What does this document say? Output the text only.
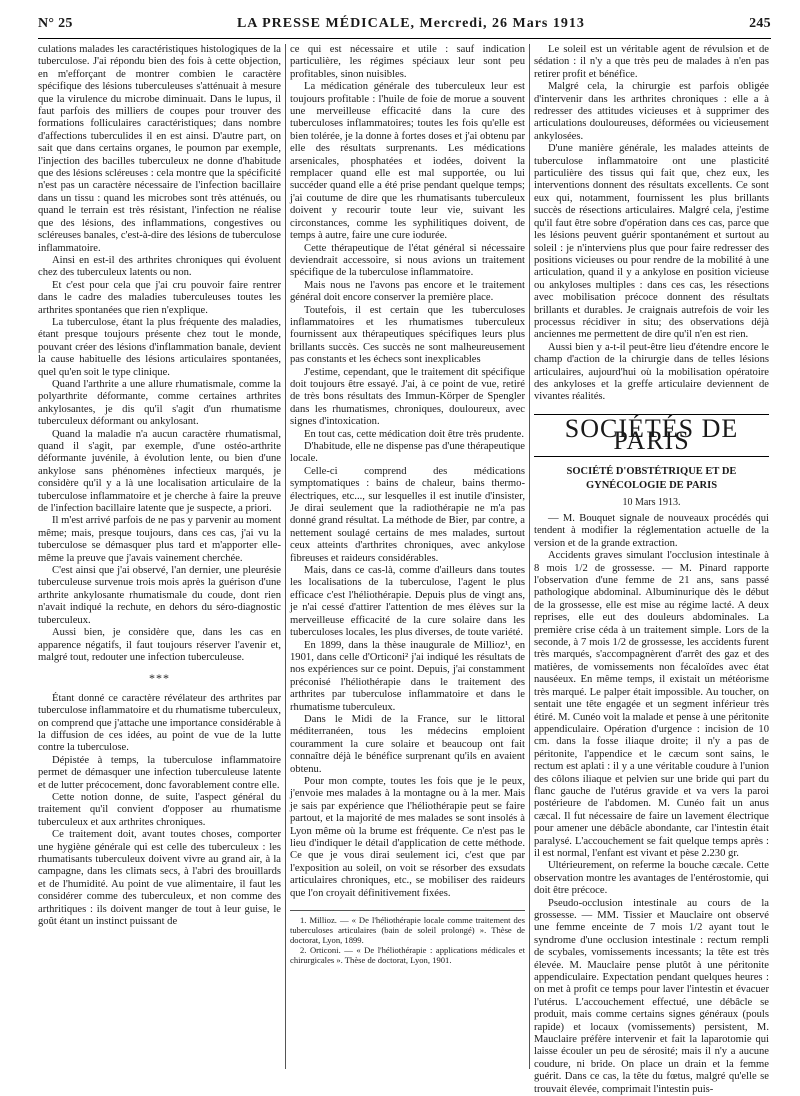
N° 25	LA PRESSE MÉDICALE, Mercredi, 26 Mars 1913	245

culations malades les caractéristiques histologiques de la tuberculose. J'ai répondu bien des fois à cette objection, en m'efforçant de montrer combien le caractère spécifique des lésions tuberculeuses s'atténuait à mesure que la virulence du microbe diminuait. Dans le lupus, il faut parfois des milliers de coupes pour trouver des formations folliculaires caractéristiques; dans nombre d'affections tuberculides il en est ainsi. D'autre part, on sait que dans certains organes, le poumon par exemple, l'injection des bacilles tuberculeux ne donne d'habitude que des lésions scléreuses : cela montre que la spécificité n'est pas un caractère nécessaire de l'infection bacillaire dans un tissu : quand les microbes sont très atténués, ou quand le terrain est très résistant, l'infection ne réalise que des lésions, des inflammations, congestives ou scléreuses banales, c'est-à-dire des lésions de tuberculose inflammatoire.

Ainsi en est-il des arthrites chroniques qui évoluent chez des tuberculeux latents ou non.

Et c'est pour cela que j'ai cru pouvoir faire rentrer dans le cadre des maladies tuberculeuses toutes les arthrites spontanées que rien n'explique.

La tuberculose, étant la plus fréquente des maladies, étant presque toujours présente chez tout le monde, pouvant créer des lésions d'inflammation banale, devient la cause habituelle des lésions articulaires spontanées, quel qu'en soit le type clinique.

Quand l'arthrite a une allure rhumatismale, comme la polyarthrite déformante, comme certaines arthrites ankylosantes, je dis qu'il s'agit d'un rhumatisme tuberculeux déformant ou ankylosant.

Quand la maladie n'a aucun caractère rhumatismal, quand il s'agit, par exemple, d'une ostéo-arthrite déformante juvénile, à évolution lente, ou bien d'une ankylose sans phénomènes infectieux marqués, je considère qu'il y a là une localisation articulaire de la tuberculose inflammatoire et je cherche à faire la preuve de l'infection bacillaire latente que je suspecte, a priori.

Il m'est arrivé parfois de ne pas y parvenir au moment même; mais, presque toujours, dans ces cas, j'ai vu la tuberculose se démasquer plus tard et m'apporter elle-même la preuve que j'avais vainement cherchée.

C'est ainsi que j'ai observé, l'an dernier, une pleurésie tuberculeuse survenue trois mois après la guérison d'une arthrite ankylosante rhumatismale du coude, dont rien n'avait indiqué la rechute, en dehors du séro-diagnostic tuberculeux.

Aussi bien, je considère que, dans les cas en apparence négatifs, il faut toujours réserver l'avenir et, malgré tout, redouter une infection tuberculeuse.

***

Étant donné ce caractère révélateur des arthrites par tuberculose inflammatoire et du rhumatisme tuberculeux, on comprend que j'attache une importance considérable à la diffusion de ces idées, au point de vue de la lutte contre la tuberculose.

Dépistée à temps, la tuberculose inflammatoire permet de démasquer une infection tuberculeuse latente et de lutter précocement, donc favorablement contre elle.

Cette notion donne, de suite, l'aspect général du traitement qu'il convient d'opposer au rhumatisme tuberculeux et aux arthrites chroniques.

Ce traitement doit, avant toutes choses, comporter une hygiène générale qui est celle des tuberculeux : les rhumatisants tuberculeux doivent vivre au grand air, à la campagne, dans les climats secs, à l'abri des brouillards et de l'humidité. Au point de vue alimentaire, il faut les considérer comme des tuberculeux, et non comme des arthritiques : ils doivent manger de tout à leur guise, le goût étant un instinct puissant de

ce qui est nécessaire et utile : sauf indication particulière, les régimes spéciaux leur sont peu profitables, sinon nuisibles.

La médication générale des tuberculeux leur est toujours profitable : l'huile de foie de morue a souvent une merveilleuse efficacité dans la cure des tuberculoses inflammatoires; toutes les fois qu'elle est bien tolérée, je la donne à fortes doses et j'ai obtenu par elle des résultats surprenants. Les médications arsenicales, phosphatées et iodées, doivent la remplacer quand elle est mal supportée, ou lui succéder quand elle a été prise pendant quelque temps; j'ai coutume de dire que les rhumatisants tuberculeux doivent y recourir toute leur vie, suivant les circonstances, comme les syphilitiques doivent, de temps à autre, faire une cure iodurée.

Cette thérapeutique de l'état général si nécessaire deviendrait accessoire, si nous avions un traitement spécifique de la tuberculose inflammatoire.

Mais nous ne l'avons pas encore et le traitement général doit encore conserver la première place.

Toutefois, il est certain que les tuberculoses inflammatoires et les rhumatismes tuberculeux fournissent aux thérapeutiques spécifiques leurs plus brillants succès. Ces succès ne sont malheureusement pas constants et les échecs sont inexplicables

J'estime, cependant, que le traitement dit spécifique doit toujours être essayé. J'ai, à ce point de vue, retiré de très bons résultats des Immun-Körper de Spengler dans les rhumatismes, chroniques, douloureux, avec signes d'intoxication.

En tout cas, cette médication doit être très prudente.

D'habitude, elle ne dispense pas d'une thérapeutique locale.

Celle-ci comprend des médications symptomatiques : bains de chaleur, bains thermo-électriques, etc..., sur lesquelles il est inutile d'insister, Je dirai seulement que la radiothérapie ne m'a pas donné grand résultat. La méthode de Bier, par contre, a nettement soulagé certains de mes malades, surtout ceux atteints d'arthrites chroniques, avec ankylose fibreuses et raideurs considérables.

Mais, dans ce cas-là, comme d'ailleurs dans toutes les localisations de la tuberculose, l'agent le plus efficace c'est l'héliothérapie. Depuis plus de vingt ans, je n'ai cessé d'attirer l'attention de mes élèves sur la merveilleuse efficacité de la cure solaire dans les tuberculoses locales, les plus diverses, de toute variété.

En 1899, dans la thèse inaugurale de Millioz¹, en 1901, dans celle d'Orticoni² j'ai indiqué les résultats de nos expériences sur ce point. Depuis, j'ai constamment préconisé l'héliothérapie dans le traitement des arthrites par tuberculose inflammatoire et dans le rhumatisme tuberculeux.

Dans le Midi de la France, sur le littoral méditerranéen, tous les médecins emploient couramment la cure solaire et beaucoup ont fait connaître déjà le bénéfice surprenant qu'ils en avaient obtenu.

Pour mon compte, toutes les fois que je le peux, j'envoie mes malades à la montagne ou à la mer. Mais je sais par expérience que l'héliothérapie peut se faire partout, et la majorité de mes malades se sont insolés à Lyon même où la brume est fréquente. Ce n'est pas le lieu d'indiquer le détail d'application de cette méthode. Ce que je vous dirai seulement ici, c'est que par l'exposition au soleil, on voit se résorber des exsudats articulaires chroniques, etc., se mobiliser des raideurs que l'on croyait définitivement fixées.

1. Millioz. — « De l'héliothérapie locale comme traitement des tuberculoses articulaires (bain de soleil prolongé) ». Thèse de doctorat, Lyon, 1899.

2. Orticoni. — « De l'héliothérapie : applications médicales et chirurgicales ». Thèse de doctorat, Lyon, 1901.

Le soleil est un véritable agent de révulsion et de sédation : il n'y a que très peu de malades à n'en pas retirer profit et bénéfice.

Malgré cela, la chirurgie est parfois obligée d'intervenir dans les arthrites chroniques : elle a à redresser des attitudes vicieuses et à supprimer des articulations douloureuses, déformées ou vicieusement ankylosées.

D'une manière générale, les malades atteints de tuberculose inflammatoire ont une plasticité particulière des tissus qui fait que, chez eux, les interventions donnent des résultats excellents. Ce sont eux qui, notamment, fournissent les plus brillants succès de résections articulaires. Malgré cela, j'estime qu'il faut être sobre d'opération dans ces cas, parce que les lésions peuvent guérir spontanément et surtout au soleil : je n'interviens plus que pour faire redresser des positions vicieuses ou pour rendre de la mobilité à une articulation, quand il y a ankylose en position vicieuse ou ankyloses multiples : dans ces cas, les résections avec mobilisation précoce donnent des résultats brillants et durables. Je craignais autrefois de voir les processus récidiver in situ; des observations déjà anciennes me permettent de dire qu'il n'en est rien.

Aussi bien y a-t-il peut-être lieu d'étendre encore le champ d'action de la chirurgie dans de telles lésions articulaires, aujourd'hui où la mobilisation opératoire des ankyloses et la greffe articulaire deviennent de vivantes réalités.

SOCIÉTÉS DE PARIS
SOCIÉTÉ D'OBSTÉTRIQUE ET DE GYNÉCOLOGIE DE PARIS
10 Mars 1913.

— M. Bouquet signale de nouveaux procédés qui tendent à modifier la réglementation actuelle de la version et de la grande extraction.

Accidents graves simulant l'occlusion intestinale à 8 mois 1/2 de grossesse. — M. Pinard rapporte l'observation d'une femme de 21 ans, sans passé pathologique abdominal. Albuminurique dès le début de la grossesse, elle est mise au régime lacté. A deux reprises, elle eut des douleurs abdominales. La première crise céda à un traitement simple. Lors de la seconde, à 7 mois 1/2 de grossesse, les accidents furent très marqués, s'accompagnèrent d'arrêt des gaz et des matières, de vomissements non fécaloïdes avec état nauséeux. En même temps, il existait un météorisme très marqué. Le palper était impossible. Au toucher, on sentait une tête engagée et un segment inférieur très étiré. M. Cunéo voit la malade et pense à une péritonite appendiculaire. Opération d'urgence : incision de 10 cm. dans la fosse iliaque droite; il n'y a pas de péritonite, l'appendice et le cæcum sont sains, le rectum est aplati : il y a une véritable coudure à l'union des côlons iliaque et pelvien sur une bride qui part du flanc gauche de l'utérus gravide et va vers la paroi postérieure de l'abdomen. M. Cunéo fait un anus cæcal. Il fut nécessaire de faire un lavement électrique pour amener une débâcle abondante, car l'intestin était paralysé. L'accouchement se fait quelque temps après : il est normal, l'enfant est vivant et pèse 2.230 gr.

Ultérieurement, on referme la bouche cæcale. Cette observation montre les avantages de l'entérostomie, qui doit être précoce.

Pseudo-occlusion intestinale au cours de la grossesse. — MM. Tissier et Mauclaire ont observé une femme enceinte de 7 mois 1/2 ayant tout le syndrome d'une occlusion intestinale : rectum rempli de scybales, vomissements incessants; la tête est très élevée. M. Mauclaire pense plutôt à une péritonite appendiculaire. Expectation pendant quelques heures : on met à profit ce temps pour laver l'intestin et évacuer l'utérus. L'accouchement effectué, une débâcle se produit, mais comme certains signes généraux (pouls rapide) et locaux (vomissements) persistent, M. Mauclaire préfère intervenir et fait la laparotomie qui laisse écouler un peu de sérosité; mais il n'y a aucune coudure, ni bride. On place un drain et la femme guérit. Dans ce cas, la tête du fœtus, malgré qu'elle se trouvait élevée, comprimait l'intestin puis-
